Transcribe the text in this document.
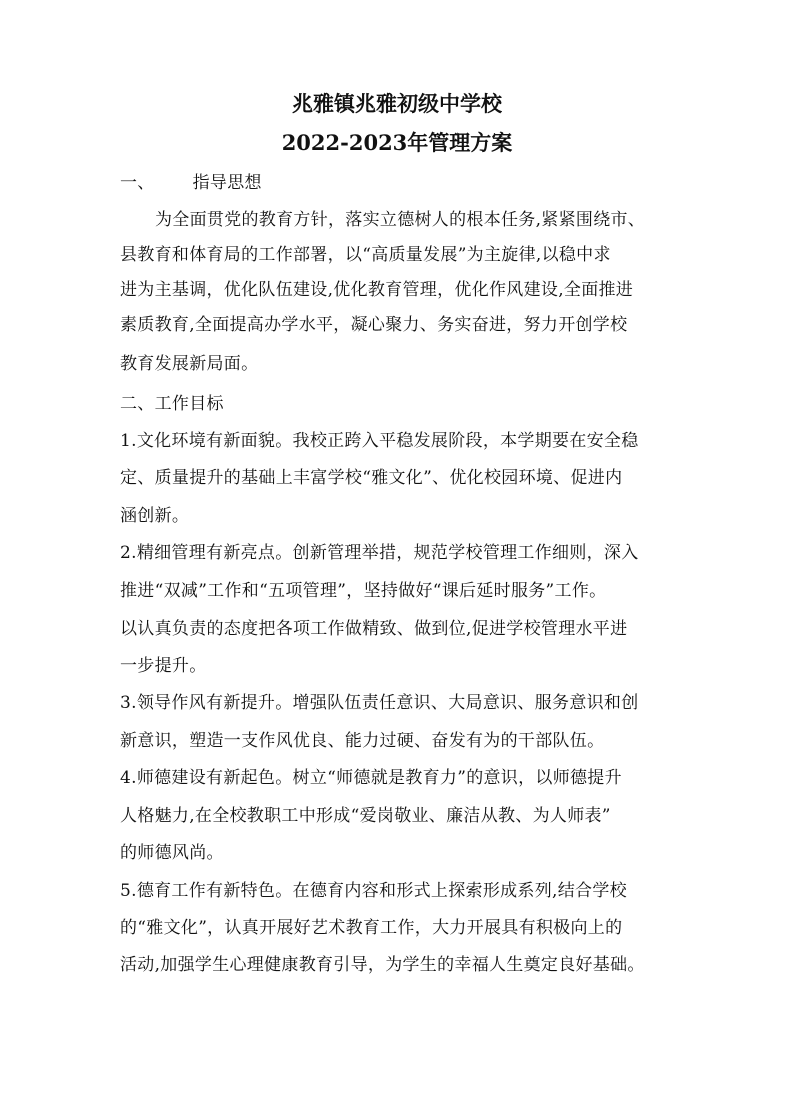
兆雅镇兆雅初级中学校
2022-2023年管理方案
一、 指导思想
为全面贯党的教育方针，落实立德树人的根本任务,紧紧围绕市、
县教育和体育局的工作部署，以“高质量发展”为主旋律,以稳中求
进为主基调，优化队伍建设,优化教育管理，优化作风建设,全面推进
素质教育,全面提高办学水平，凝心聚力、务实奋进，努力开创学校
教育发展新局面。
二、工作目标
1.文化环境有新面貌。我校正跨入平稳发展阶段，本学期要在安全稳
定、质量提升的基础上丰富学校“雅文化”、优化校园环境、促进内
涵创新。
2.精细管理有新亮点。创新管理举措，规范学校管理工作细则，深入
推进“双减”工作和“五项管理”，坚持做好“课后延时服务”工作。
以认真负责的态度把各项工作做精致、做到位,促进学校管理水平进
一步提升。
3.领导作风有新提升。增强队伍责任意识、大局意识、服务意识和创
新意识，塑造一支作风优良、能力过硬、奋发有为的干部队伍。
4.师德建设有新起色。树立“师德就是教育力”的意识，以师德提升
人格魅力,在全校教职工中形成“爱岗敬业、廉洁从教、为人师表”
的师德风尚。
5.德育工作有新特色。在德育内容和形式上探索形成系列,结合学校
的“雅文化”，认真开展好艺术教育工作，大力开展具有积极向上的
活动,加强学生心理健康教育引导，为学生的幸福人生奠定良好基础。
